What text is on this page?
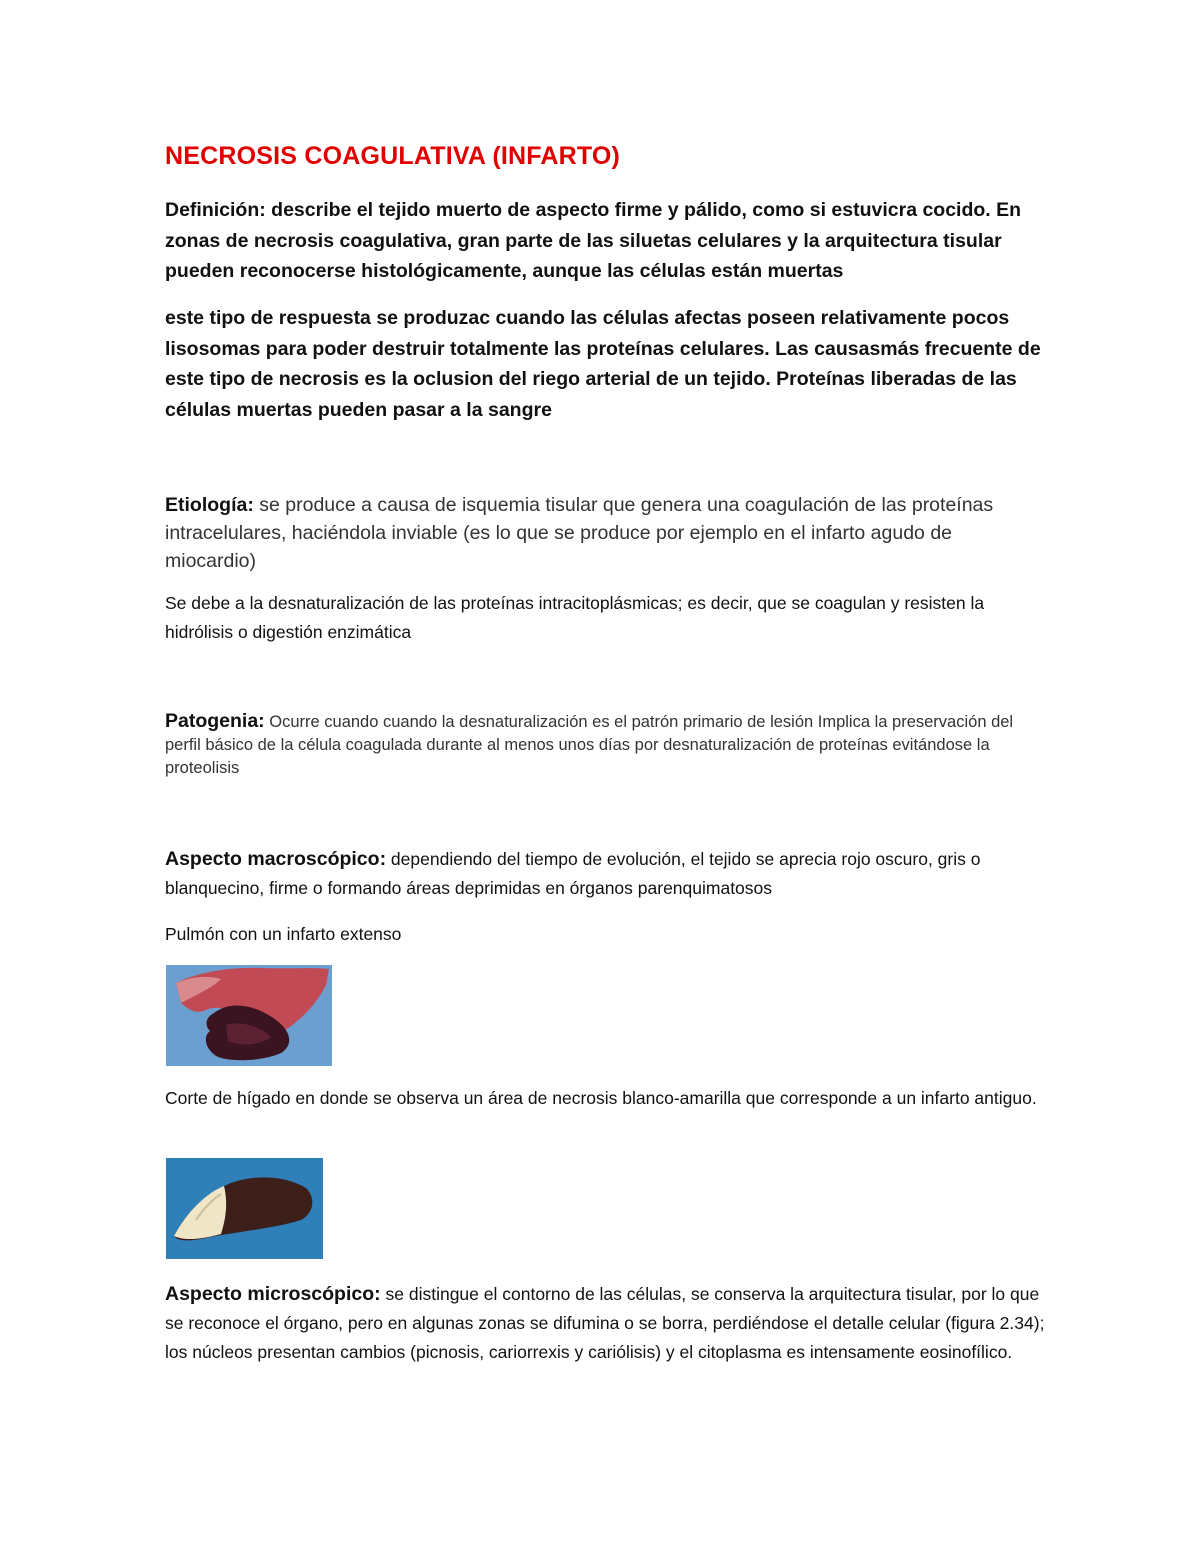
NECROSIS COAGULATIVA (INFARTO)

Definición: describe el tejido muerto de aspecto firme y pálido, como si estuvicra cocido. En zonas de necrosis coagulativa, gran parte de las siluetas celulares y la arquitectura tisular pueden reconocerse histológicamente, aunque las células están muertas

este tipo de respuesta se produzac cuando las células afectas poseen relativamente pocos lisosomas para poder destruir totalmente las proteínas celulares. Las causasmás frecuente de este tipo de necrosis es la oclusion del riego arterial de un tejido. Proteínas liberadas de las células muertas pueden pasar a la sangre

Etiología: se produce a causa de isquemia tisular que genera una coagulación de las proteínas intracelulares, haciéndola inviable (es lo que se produce por ejemplo en el infarto agudo de miocardio)

Se debe a la desnaturalización de las proteínas intracitoplásmicas; es decir, que se coagulan y resisten la hidrólisis o digestión enzimática

Patogenia: Ocurre cuando cuando la desnaturalización es el patrón primario de lesión Implica la preservación del perfil básico de la célula coagulada durante al menos unos días por desnaturalización de proteínas evitándose la proteolisis

Aspecto macroscópico: dependiendo del tiempo de evolución, el tejido se aprecia rojo oscuro, gris o blanquecino, firme o formando áreas deprimidas en órganos parenquimatosos

Pulmón con un infarto extenso

Corte de hígado en donde se observa un área de necrosis blanco-amarilla que corresponde a un infarto antiguo.

Aspecto microscópico: se distingue el contorno de las células, se conserva la arquitectura tisular, por lo que se reconoce el órgano, pero en algunas zonas se difumina o se borra, perdiéndose el detalle celular (figura 2.34); los núcleos presentan cambios (picnosis, cariorrexis y cariólisis) y el citoplasma es intensamente eosinofílico.
